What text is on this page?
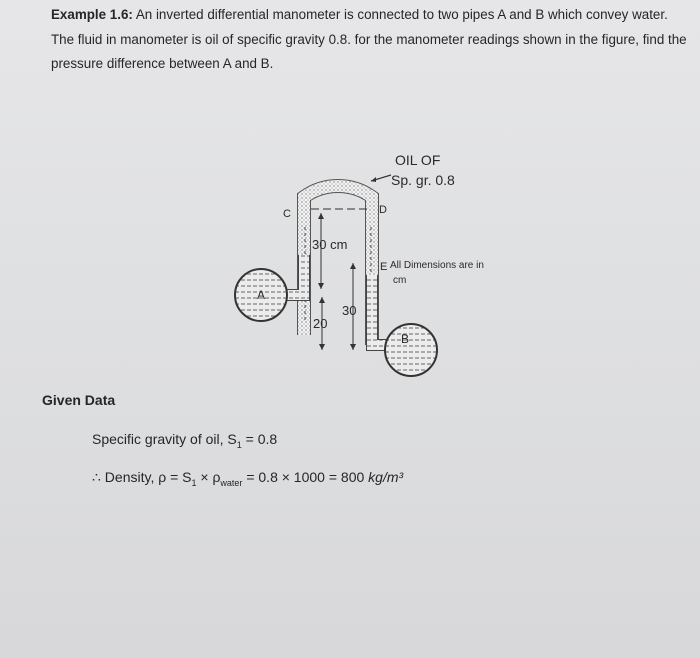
Example 1.6: An inverted differential manometer is connected to two pipes A and B which convey water. The fluid in manometer is oil of specific gravity 0.8. for the manometer readings shown in the figure, find the pressure difference between A and B.
A
B
OIL OF
Sp. gr. 0.8
C	D
30 cm
E
30
20
All Dimensions are in
cm
Given Data
Specific gravity of oil, $S_1 = 0.8$
∴ Density, $\rho = S_1 \times \rho_{water} = 0.8 \times 1000 = 800$ kg/m³
